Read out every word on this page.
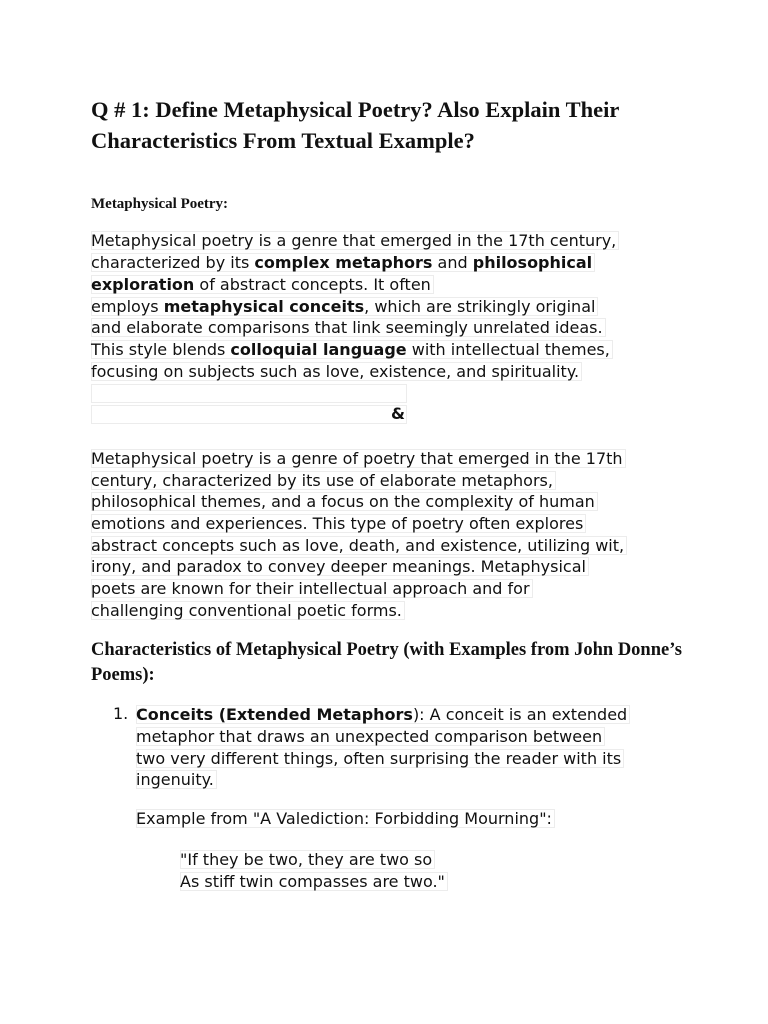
Q # 1: Define Metaphysical Poetry? Also Explain Their Characteristics From Textual Example?
Metaphysical Poetry:
Metaphysical poetry is a genre that emerged in the 17th century,
characterized by its complex metaphors and philosophical
exploration of abstract concepts. It often
employs metaphysical conceits, which are strikingly original
and elaborate comparisons that link seemingly unrelated ideas.
This style blends colloquial language with intellectual themes,
focusing on subjects such as love, existence, and spirituality.
&
Metaphysical poetry is a genre of poetry that emerged in the 17th
century, characterized by its use of elaborate metaphors,
philosophical themes, and a focus on the complexity of human
emotions and experiences. This type of poetry often explores
abstract concepts such as love, death, and existence, utilizing wit,
irony, and paradox to convey deeper meanings. Metaphysical
poets are known for their intellectual approach and for
challenging conventional poetic forms.
Characteristics of Metaphysical Poetry (with Examples from John Donne’s Poems):
1. Conceits (Extended Metaphors): A conceit is an extended
metaphor that draws an unexpected comparison between
two very different things, often surprising the reader with its
ingenuity.
Example from "A Valediction: Forbidding Mourning":
"If they be two, they are two so
As stiff twin compasses are two."
